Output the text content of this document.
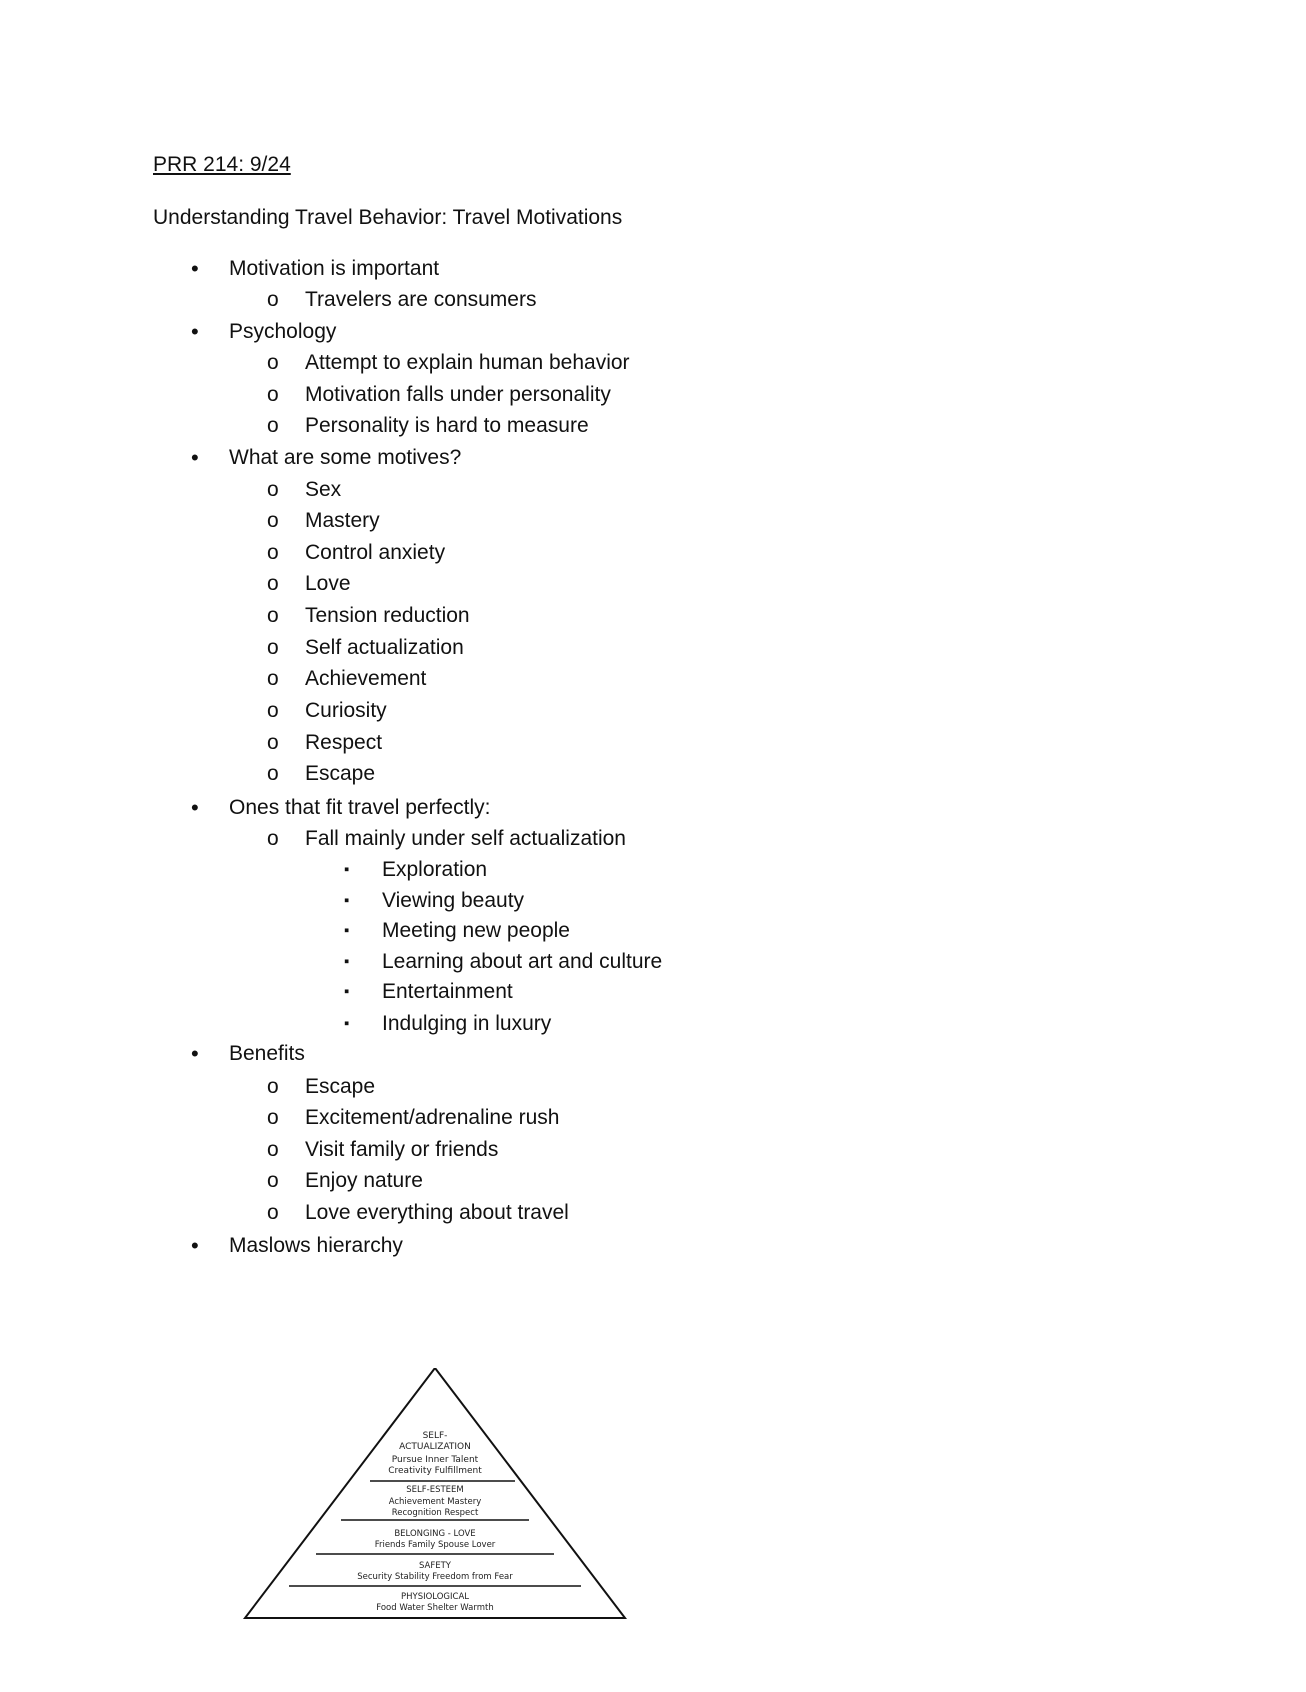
PRR 214: 9/24

Understanding Travel Behavior: Travel Motivations

• Motivation is important
o Travelers are consumers
• Psychology
o Attempt to explain human behavior
o Motivation falls under personality
o Personality is hard to measure
• What are some motives?
o Sex
o Mastery
o Control anxiety
o Love
o Tension reduction
o Self actualization
o Achievement
o Curiosity
o Respect
o Escape
• Ones that fit travel perfectly:
o Fall mainly under self actualization
▪ Exploration
▪ Viewing beauty
▪ Meeting new people
▪ Learning about art and culture
▪ Entertainment
▪ Indulging in luxury
• Benefits
o Escape
o Excitement/adrenaline rush
o Visit family or friends
o Enjoy nature
o Love everything about travel
• Maslows hierarchy
SELF-
ACTUALIZATION
Pursue Inner Talent
Creativity Fulfillment
SELF-ESTEEM
Achievement Mastery
Recognition Respect
BELONGING - LOVE
Friends Family Spouse Lover
SAFETY
Security Stability Freedom from Fear
PHYSIOLOGICAL
Food Water Shelter Warmth
